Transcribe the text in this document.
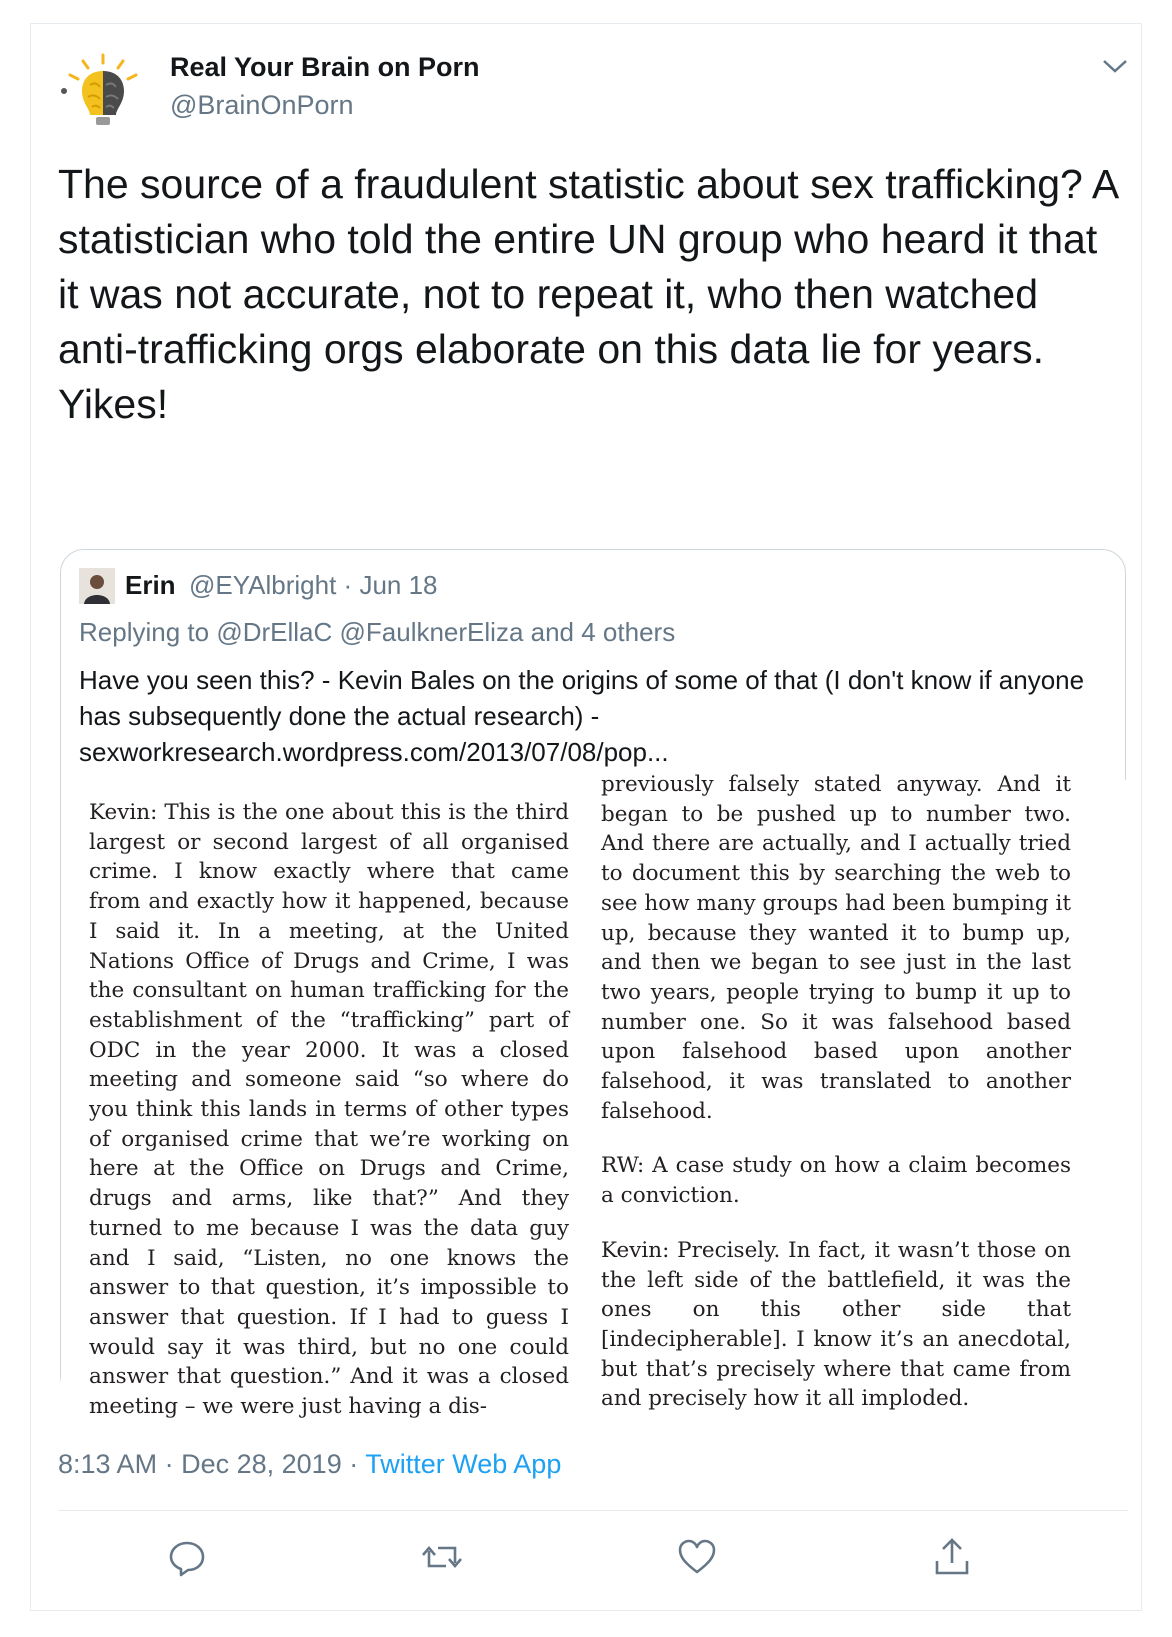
Real Your Brain on Porn
@BrainOnPorn
The source of a fraudulent statistic about sex trafficking? A statistician who told the entire UN group who heard it that it was not accurate, not to repeat it, who then watched anti-trafficking orgs elaborate on this data lie for years.
Yikes!
Erin @EYAlbright · Jun 18
Replying to @DrEllaC @FaulknerEliza and 4 others
Have you seen this? - Kevin Bales on the origins of some of that (I don't know if anyone has subsequently done the actual research) - sexworkresearch.wordpress.com/2013/07/08/pop...

Kevin: This is the one about this is the third largest or second largest of all organised crime. I know exactly where that came from and exactly how it happened, because I said it. In a meeting, at the United Nations Office of Drugs and Crime, I was the consultant on human trafficking for the establishment of the “trafficking” part of ODC in the year 2000. It was a closed meeting and someone said “so where do you think this lands in terms of other types of organised crime that we’re working on here at the Office on Drugs and Crime, drugs and arms, like that?” And they turned to me because I was the data guy and I said, “Listen, no one knows the answer to that question, it’s impossible to answer that question. If I had to guess I would say it was third, but no one could answer that question.” And it was a closed meeting – we were just having a dis-

previously falsely stated anyway. And it began to be pushed up to number two. And there are actually, and I actually tried to document this by searching the web to see how many groups had been bumping it up, because they wanted it to bump up, and then we began to see just in the last two years, people trying to bump it up to number one. So it was falsehood based upon falsehood based upon another falsehood, it was translated to another falsehood.

RW: A case study on how a claim becomes a conviction.

Kevin: Precisely. In fact, it wasn’t those on the left side of the battlefield, it was the ones on this other side that [indecipherable]. I know it’s an anecdotal, but that’s precisely where that came from and precisely how it all imploded.

8:13 AM · Dec 28, 2019 · Twitter Web App
